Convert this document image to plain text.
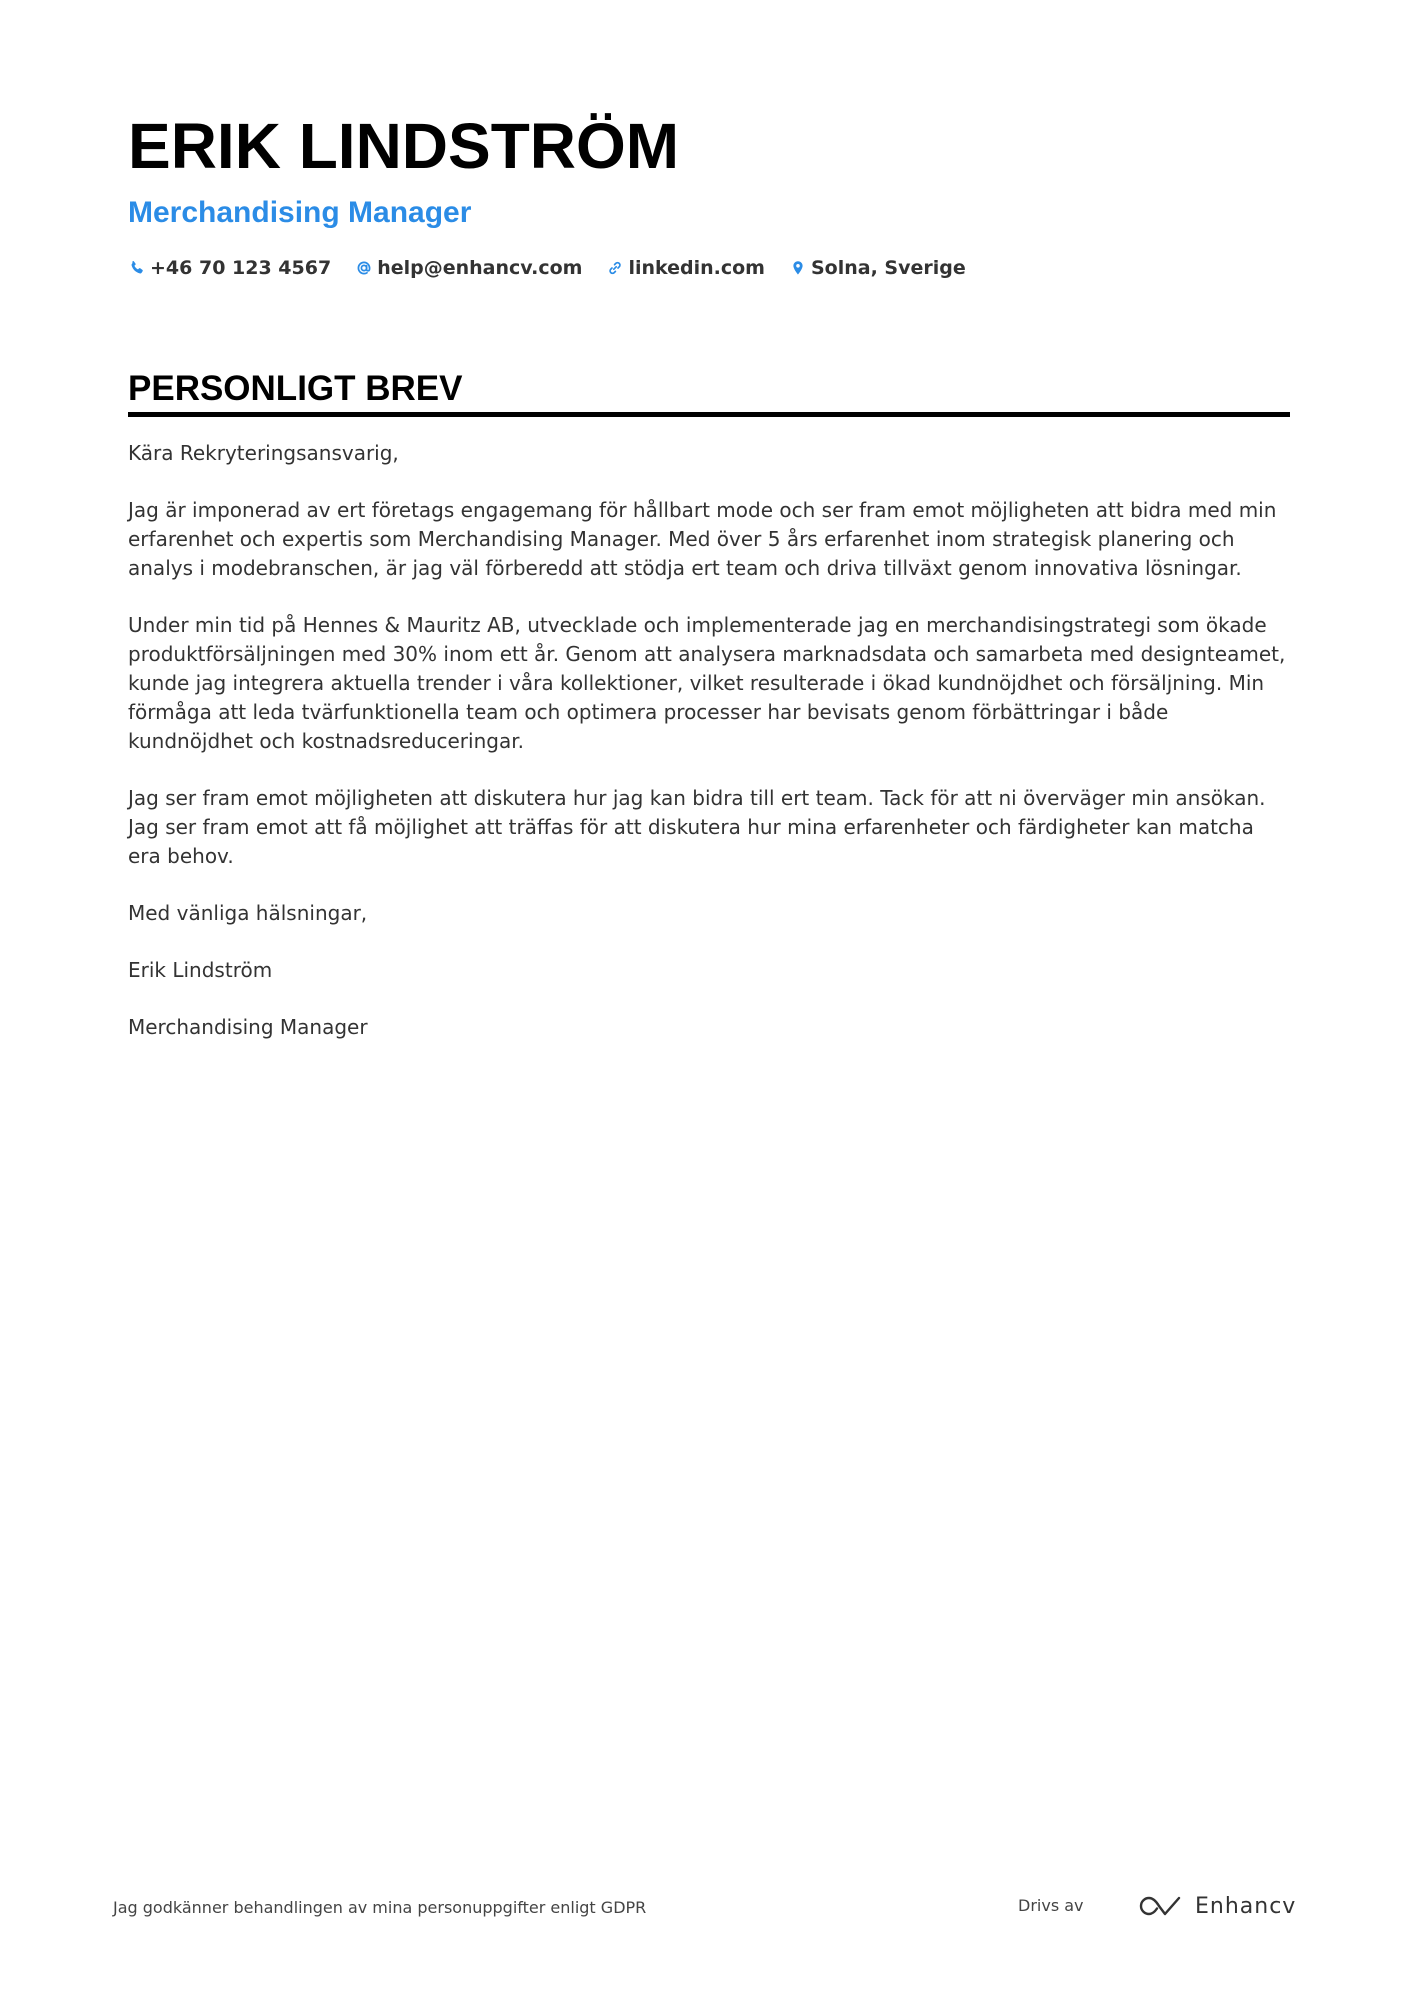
ERIK LINDSTRÖM
Merchandising Manager
+46 70 123 4567 help@enhancv.com linkedin.com Solna, Sverige
PERSONLIGT BREV

Kära Rekryteringsansvarig,

Jag är imponerad av ert företags engagemang för hållbart mode och ser fram emot möjligheten att bidra med min erfarenhet och expertis som Merchandising Manager. Med över 5 års erfarenhet inom strategisk planering och analys i modebranschen, är jag väl förberedd att stödja ert team och driva tillväxt genom innovativa lösningar.

Under min tid på Hennes & Mauritz AB, utvecklade och implementerade jag en merchandisingstrategi som ökade produktförsäljningen med 30% inom ett år. Genom att analysera marknadsdata och samarbeta med designteamet, kunde jag integrera aktuella trender i våra kollektioner, vilket resulterade i ökad kundnöjdhet och försäljning. Min förmåga att leda tvärfunktionella team och optimera processer har bevisats genom förbättringar i både kundnöjdhet och kostnadsreduceringar.

Jag ser fram emot möjligheten att diskutera hur jag kan bidra till ert team. Tack för att ni överväger min ansökan. Jag ser fram emot att få möjlighet att träffas för att diskutera hur mina erfarenheter och färdigheter kan matcha era behov.

Med vänliga hälsningar,

Erik Lindström

Merchandising Manager

Jag godkänner behandlingen av mina personuppgifter enligt GDPR	Drivs av	Enhancv
